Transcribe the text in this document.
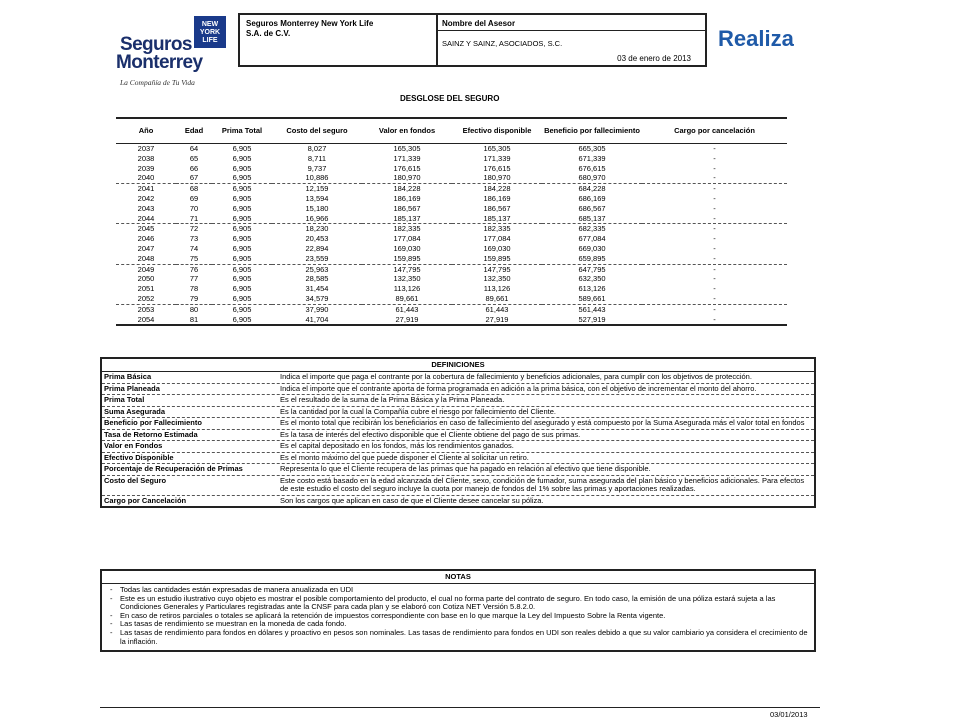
NEW YORK LIFE
Seguros
Monterrey
La Compañía de Tu Vida
Seguros Monterrey New York Life
S.A. de C.V.
Nombre del Asesor
SAINZ Y SAINZ, ASOCIADOS, S.C.
03 de enero de 2013
Realiza
DESGLOSE DEL SEGURO
Año	Edad	Prima Total	Costo del seguro	Valor en fondos	Efectivo disponible	Beneficio por fallecimiento	Cargo por cancelación
2037	64	6,905	8,027	165,305	165,305	665,305	-
2038	65	6,905	8,711	171,339	171,339	671,339	-
2039	66	6,905	9,737	176,615	176,615	676,615	-
2040	67	6,905	10,886	180,970	180,970	680,970	-
2041	68	6,905	12,159	184,228	184,228	684,228	-
2042	69	6,905	13,594	186,169	186,169	686,169	-
2043	70	6,905	15,180	186,567	186,567	686,567	-
2044	71	6,905	16,966	185,137	185,137	685,137	-
2045	72	6,905	18,230	182,335	182,335	682,335	-
2046	73	6,905	20,453	177,084	177,084	677,084	-
2047	74	6,905	22,894	169,030	169,030	669,030	-
2048	75	6,905	23,559	159,895	159,895	659,895	-
2049	76	6,905	25,963	147,795	147,795	647,795	-
2050	77	6,905	28,585	132,350	132,350	632,350	-
2051	78	6,905	31,454	113,126	113,126	613,126	-
2052	79	6,905	34,579	89,661	89,661	589,661	-
2053	80	6,905	37,990	61,443	61,443	561,443	-
2054	81	6,905	41,704	27,919	27,919	527,919	-
DEFINICIONES
Prima Básica	Indica el importe que paga el contrante por la cobertura de fallecimiento y beneficios adicionales, para cumplir con los objetivos de protección.
Prima Planeada	Indica el importe que el contrante aporta de forma programada en adición a la prima básica, con el objetivo de incrementar el monto del ahorro.
Prima Total	Es el resultado de la suma de la Prima Básica y la Prima Planeada.
Suma Asegurada	Es la cantidad por la cual la Compañía cubre el riesgo por fallecimiento del Cliente.
Beneficio por Fallecimiento	Es el monto total que recibirán los beneficiarios en caso de fallecimiento del asegurado y está compuesto por la Suma Asegurada más el valor total en fondos
Tasa de Retorno Estimada	Es la tasa de interés del efectivo disponible que el Cliente obtiene del pago de sus primas.
Valor en Fondos	Es el capital depositado en los fondos, más los rendimientos ganados.
Efectivo Disponible	Es el monto máximo del que puede disponer el Cliente al solicitar un retiro.
Porcentaje de Recuperación de Primas	Representa lo que el Cliente recupera de las primas que ha pagado en relación al efectivo que tiene disponible.
Costo del Seguro	Este costo está basado en la edad alcanzada del Cliente, sexo, condición de fumador, suma asegurada del plan básico y beneficios adicionales. Para efectos de este estudio el costo del seguro incluye la cuota por manejo de fondos del 1% sobre las primas y aportaciones realizadas.
Cargo por Cancelación	Son los cargos que aplican en caso de que el Cliente desee cancelar su póliza.
NOTAS
- Todas las cantidades están expresadas de manera anualizada en UDI
- Este es un estudio ilustrativo cuyo objeto es mostrar el posible comportamiento del producto, el cual no forma parte del contrato de seguro. En todo caso, la emisión de una póliza estará sujeta a las Condiciones Generales y Particulares registradas ante la CNSF para cada plan y se elaboró con Cotiza NET Versión 5.8.2.0.
- En caso de retiros parciales o totales se aplicará la retención de impuestos correspondiente con base en lo que marque la Ley del Impuesto Sobre la Renta vigente.
- Las tasas de rendimiento se muestran en la moneda de cada fondo.
- Las tasas de rendimiento para fondos en dólares y proactivo en pesos son nominales. Las tasas de rendimiento para fondos en UDI son reales debido a que su valor cambiario ya considera el crecimiento de la inflación.
03/01/2013
